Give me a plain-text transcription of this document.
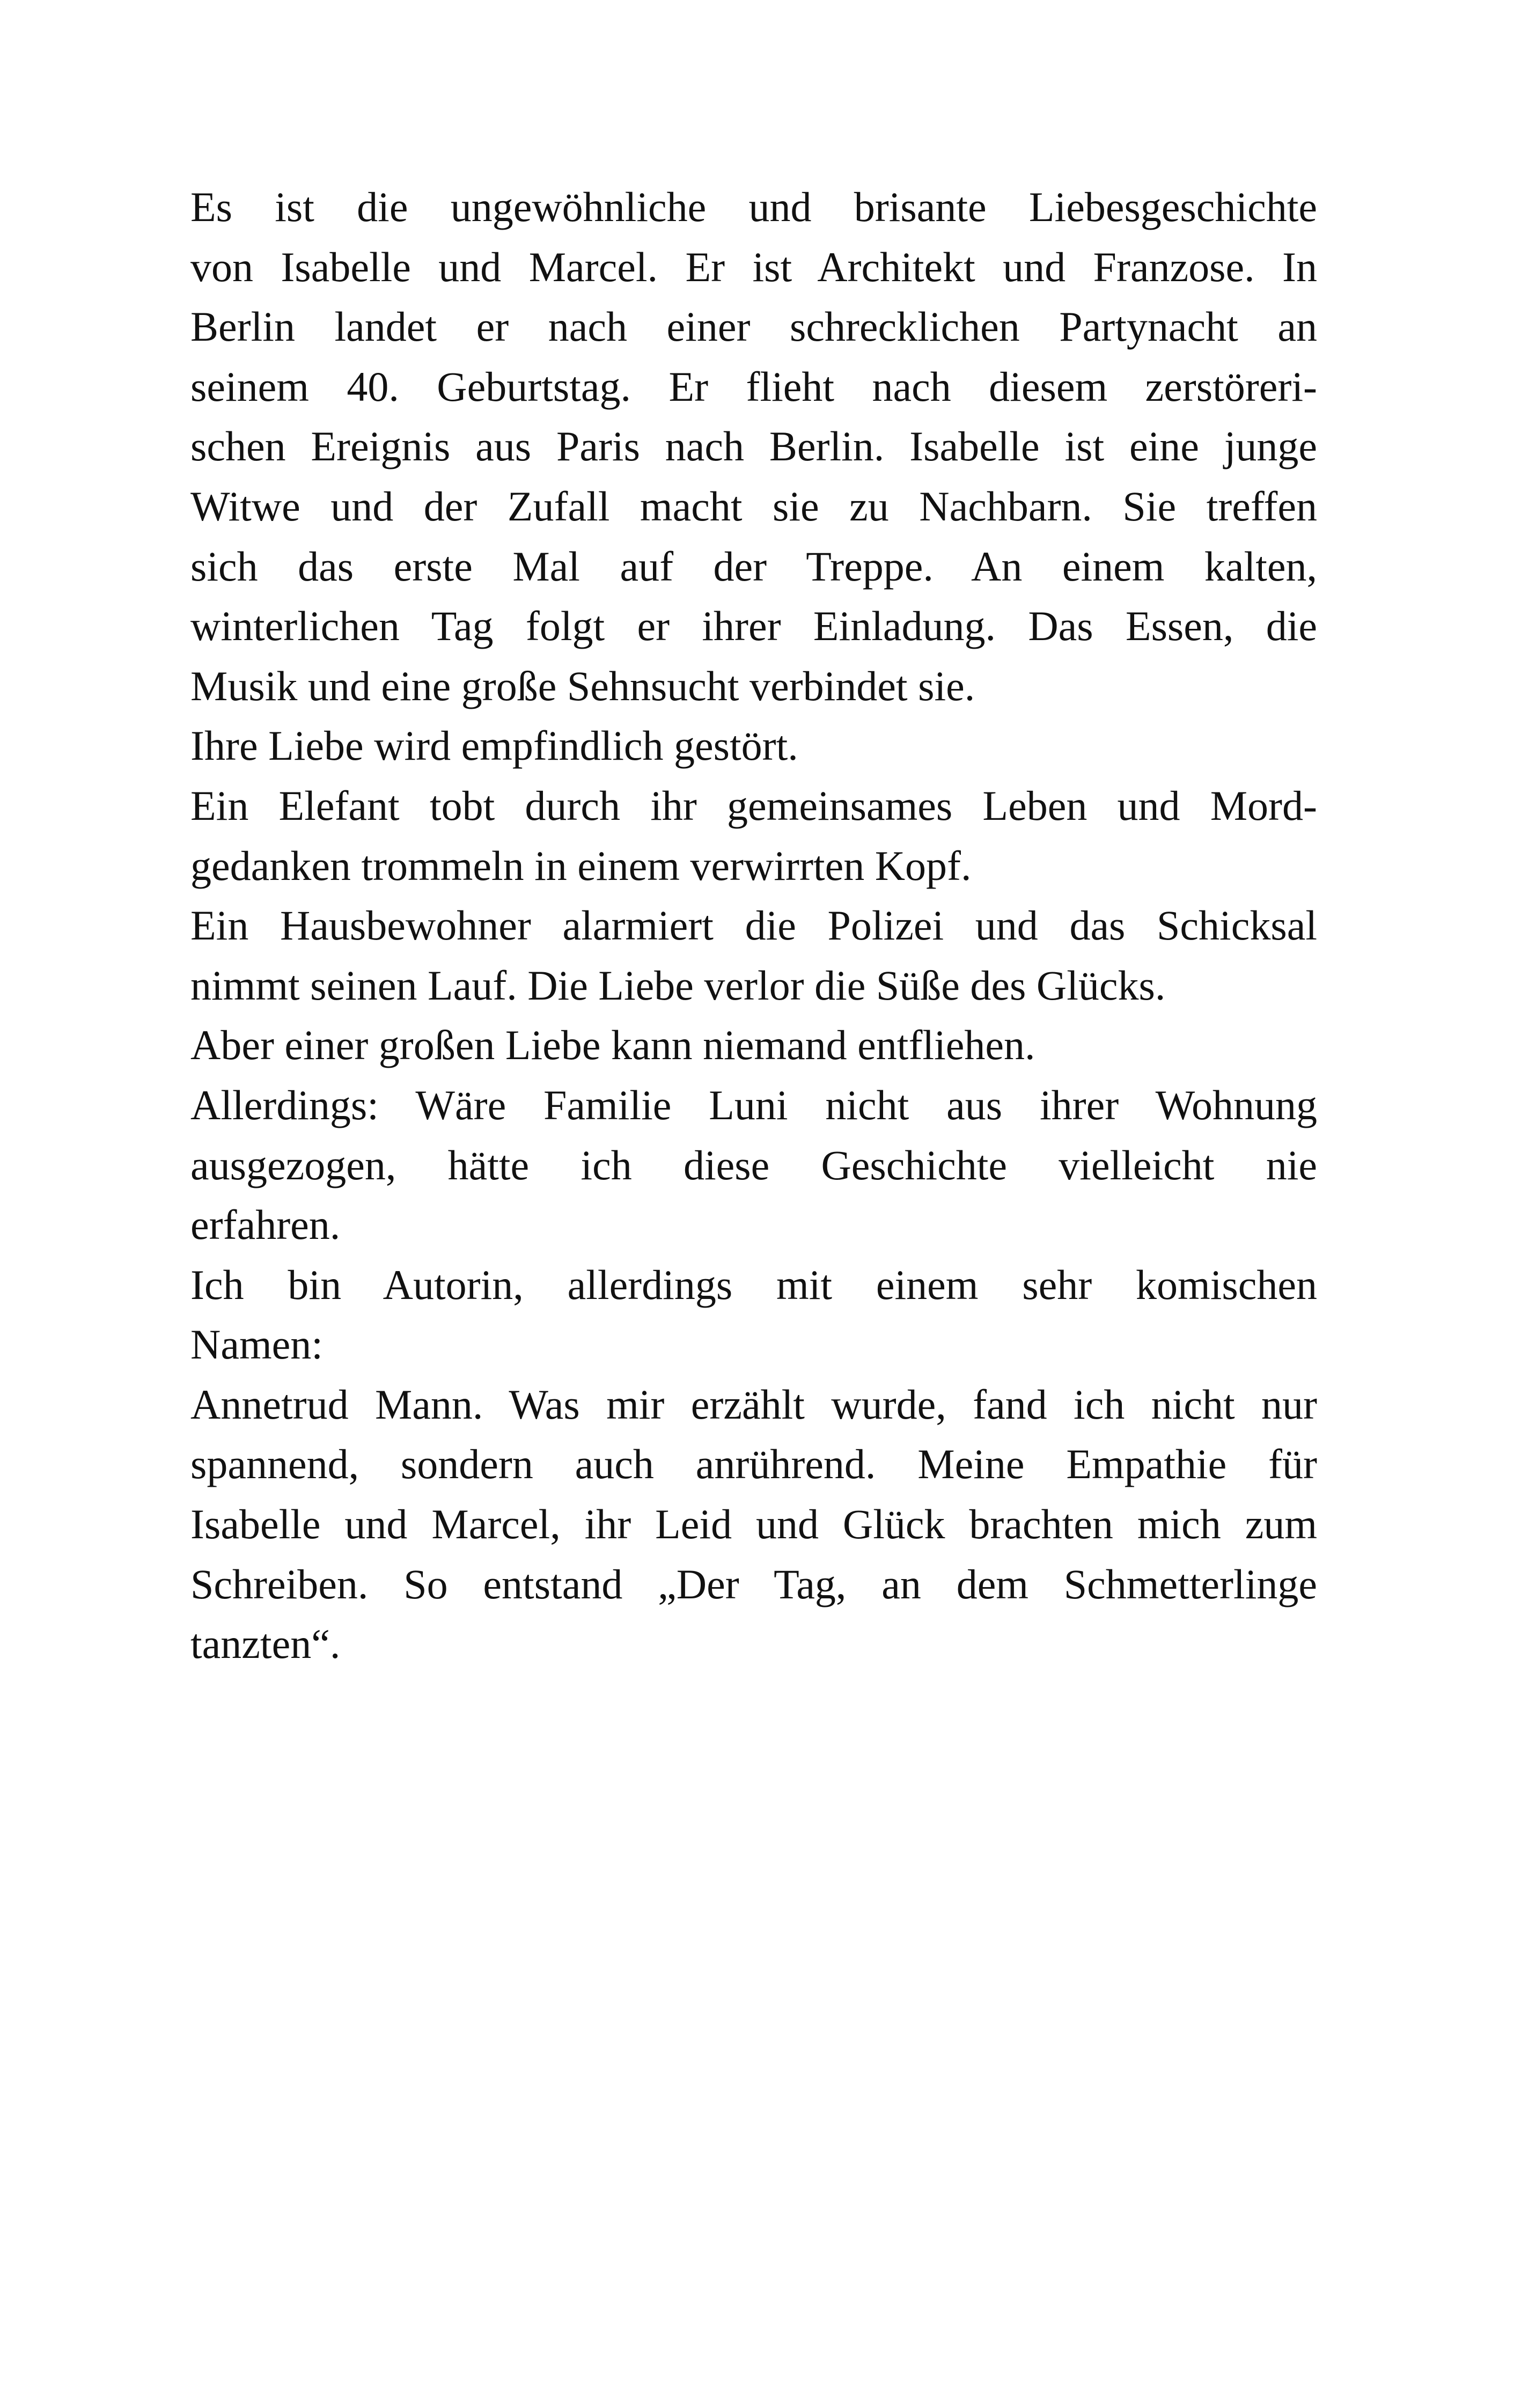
Es ist die ungewöhnliche und brisante Liebesgeschichte
von Isabelle und Marcel. Er ist Architekt und Franzose. In
Berlin landet er nach einer schrecklichen Partynacht an
seinem 40. Geburtstag. Er flieht nach diesem zerstöreri-
schen Ereignis aus Paris nach Berlin. Isabelle ist eine junge
Witwe und der Zufall macht sie zu Nachbarn. Sie treffen
sich das erste Mal auf der Treppe. An einem kalten,
winterlichen Tag folgt er ihrer Einladung. Das Essen, die
Musik und eine große Sehnsucht verbindet sie.

Ihre Liebe wird empfindlich gestört.

Ein Elefant tobt durch ihr gemeinsames Leben und Mord-
gedanken trommeln in einem verwirrten Kopf.

Ein Hausbewohner alarmiert die Polizei und das Schicksal
nimmt seinen Lauf. Die Liebe verlor die Süße des Glücks.

Aber einer großen Liebe kann niemand entfliehen.

Allerdings: Wäre Familie Luni nicht aus ihrer Wohnung
ausgezogen, hätte ich diese Geschichte vielleicht nie
erfahren.

Ich bin Autorin, allerdings mit einem sehr komischen
Namen:

Annetrud Mann. Was mir erzählt wurde, fand ich nicht nur
spannend, sondern auch anrührend. Meine Empathie für
Isabelle und Marcel, ihr Leid und Glück brachten mich zum
Schreiben. So entstand „Der Tag, an dem Schmetterlinge
tanzten“.
